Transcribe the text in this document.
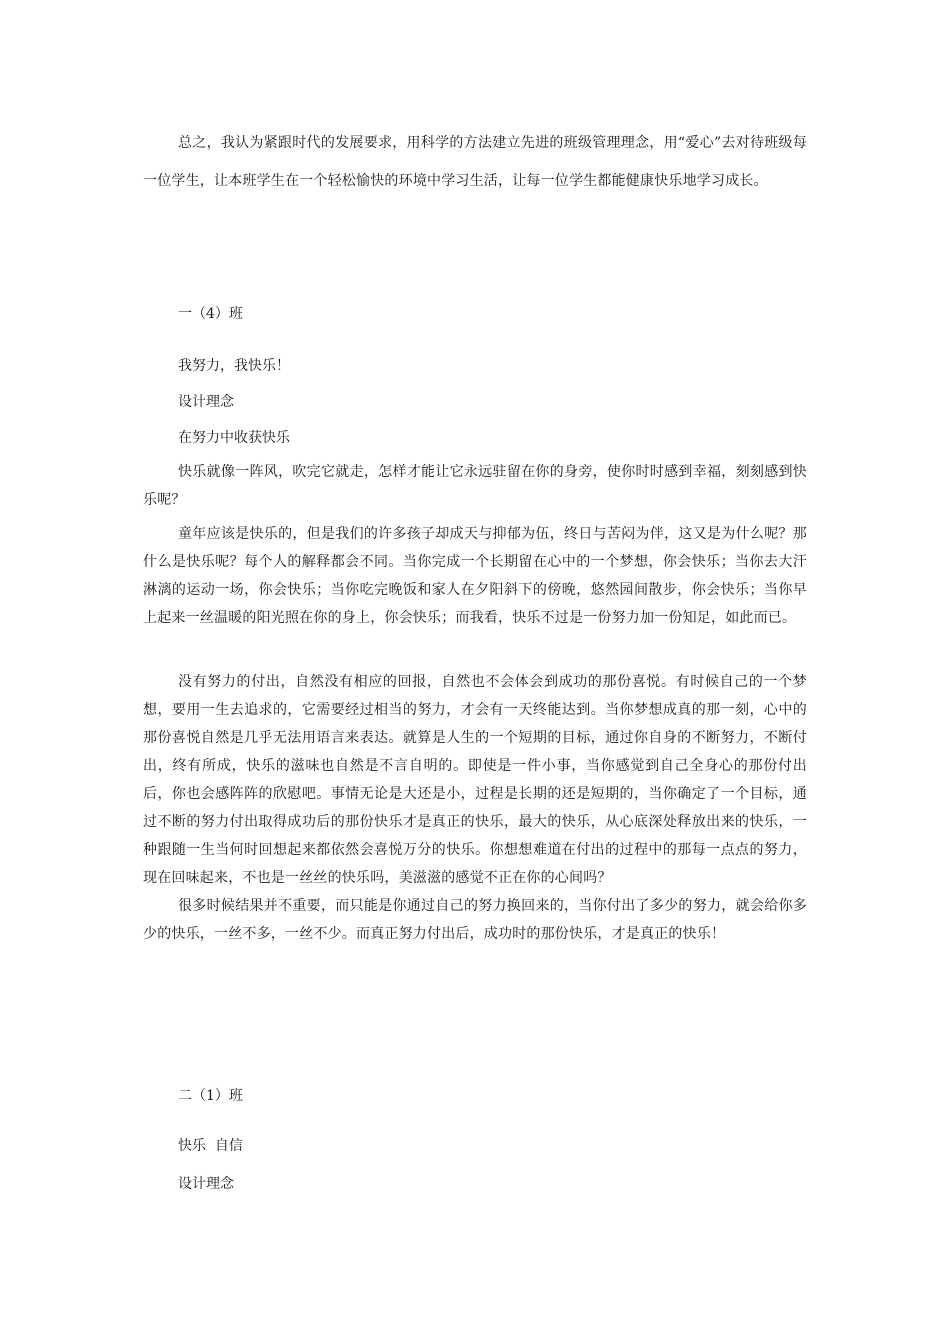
总之，我认为紧跟时代的发展要求，用科学的方法建立先进的班级管理理念，用“爱心”去对待班级每一位学生，让本班学生在一个轻松愉快的环境中学习生活，让每一位学生都能健康快乐地学习成长。

一（4）班

我努力，我快乐！

设计理念

在努力中收获快乐

快乐就像一阵风，吹完它就走，怎样才能让它永远驻留在你的身旁，使你时时感到幸福，刻刻感到快乐呢？

童年应该是快乐的，但是我们的许多孩子却成天与抑郁为伍，终日与苦闷为伴，这又是为什么呢？那什么是快乐呢？每个人的解释都会不同。当你完成一个长期留在心中的一个梦想，你会快乐；当你去大汗淋漓的运动一场，你会快乐；当你吃完晚饭和家人在夕阳斜下的傍晚，悠然园间散步，你会快乐；当你早上起来一丝温暖的阳光照在你的身上，你会快乐；而我看，快乐不过是一份努力加一份知足，如此而已。

没有努力的付出，自然没有相应的回报，自然也不会体会到成功的那份喜悦。有时候自己的一个梦想，要用一生去追求的，它需要经过相当的努力，才会有一天终能达到。当你梦想成真的那一刻，心中的那份喜悦自然是几乎无法用语言来表达。就算是人生的一个短期的目标，通过你自身的不断努力，不断付出，终有所成，快乐的滋味也自然是不言自明的。即使是一件小事，当你感觉到自己全身心的那份付出后，你也会感阵阵的欣慰吧。事情无论是大还是小，过程是长期的还是短期的，当你确定了一个目标，通过不断的努力付出取得成功后的那份快乐才是真正的快乐，最大的快乐，从心底深处释放出来的快乐，一种跟随一生当何时回想起来都依然会喜悦万分的快乐。你想想难道在付出的过程中的那每一点点的努力，现在回味起来，不也是一丝丝的快乐吗，美滋滋的感觉不正在你的心间吗？

很多时候结果并不重要，而只能是你通过自己的努力换回来的，当你付出了多少的努力，就会给你多少的快乐，一丝不多，一丝不少。而真正努力付出后，成功时的那份快乐，才是真正的快乐！

二（1）班

快乐  自信

设计理念
